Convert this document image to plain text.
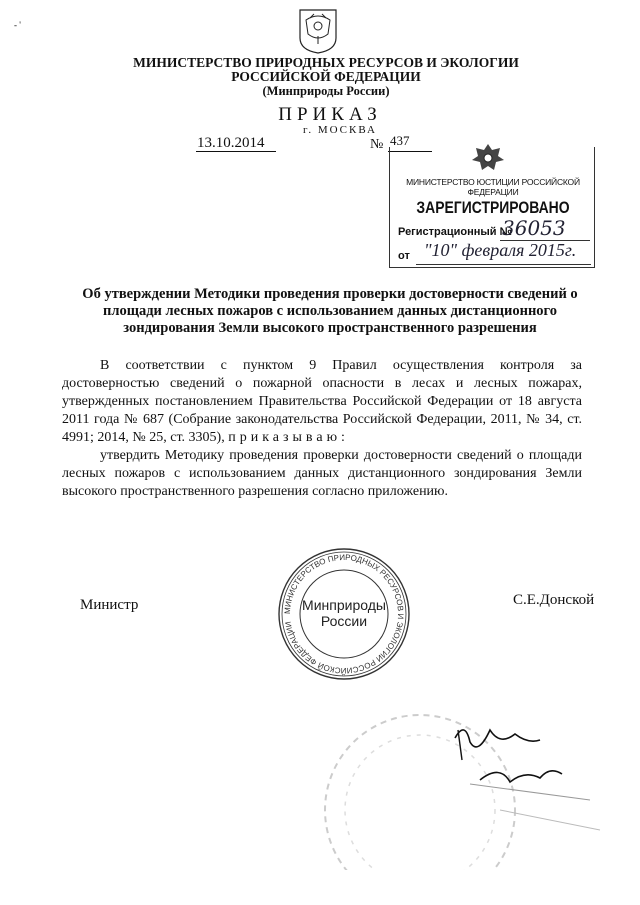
- '
МИНИСТЕРСТВО ПРИРОДНЫХ РЕСУРСОВ И ЭКОЛОГИИ
РОССИЙСКОЙ ФЕДЕРАЦИИ
(Минприроды России)
ПРИКАЗ
г. МОСКВА
13.10.2014	№ 437
МИНИСТЕРСТВО ЮСТИЦИИ РОССИЙСКОЙ ФЕДЕРАЦИИ
ЗАРЕГИСТРИРОВАНО
Регистрационный №
36053
от "10" февраля 2015г.
Об утверждении Методики проведения проверки достоверности сведений о площади лесных пожаров с использованием данных дистанционного зондирования Земли высокого пространственного разрешения

В соответствии с пунктом 9 Правил осуществления контроля за достоверностью сведений о пожарной опасности в лесах и лесных пожарах, утвержденных постановлением Правительства Российской Федерации от 18 августа 2011 года № 687 (Собрание законодательства Российской Федерации, 2011, № 34, ст. 4991; 2014, № 25, ст. 3305), приказываю:

утвердить Методику проведения проверки достоверности сведений о площади лесных пожаров с использованием данных дистанционного зондирования Земли высокого пространственного разрешения согласно приложению.

Министр	С.Е.Донской
МИНИСТЕРСТВО ПРИРОДНЫХ РЕСУРСОВ И ЭКОЛОГИИ РОССИЙСКОЙ ФЕДЕРАЦИИ
Минприроды
России
